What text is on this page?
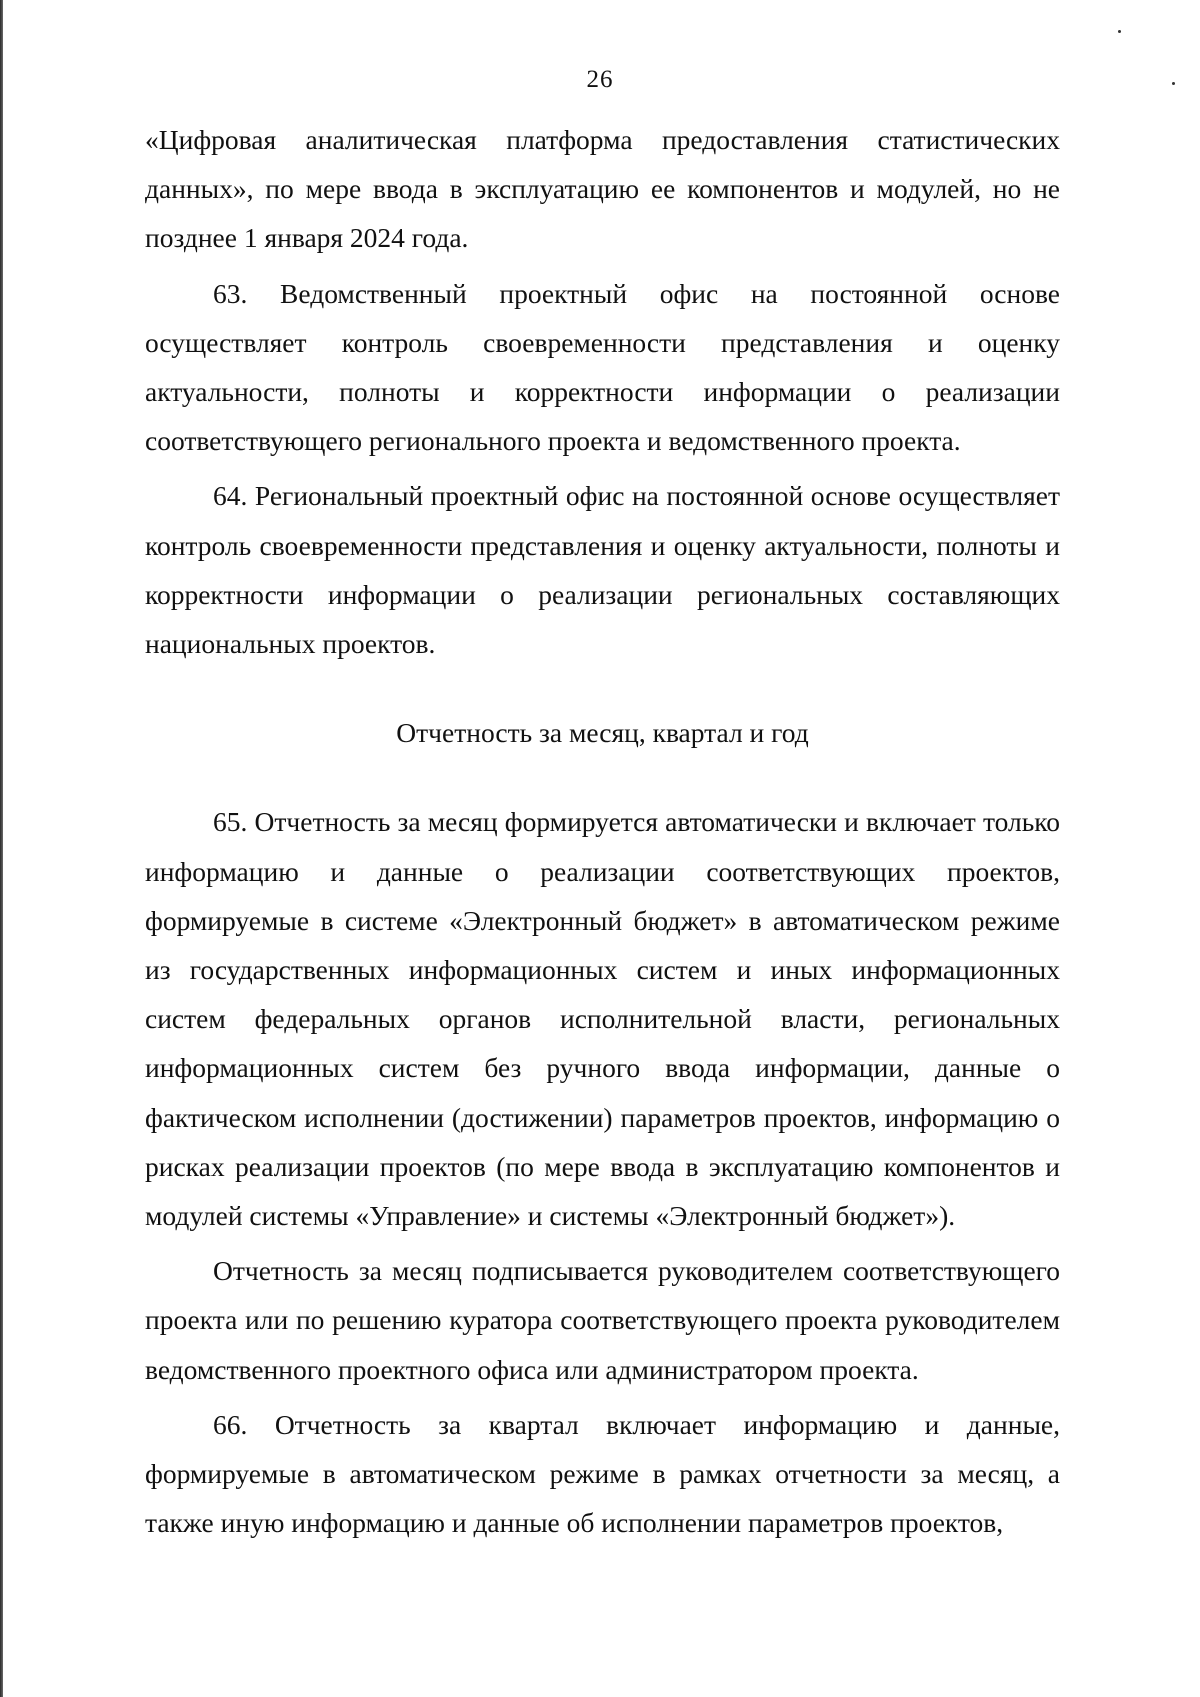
26

«Цифровая аналитическая платформа предоставления статистических данных», по мере ввода в эксплуатацию ее компонентов и модулей, но не позднее 1 января 2024 года.

63. Ведомственный проектный офис на постоянной основе осуществляет контроль своевременности представления и оценку актуальности, полноты и корректности информации о реализации соответствующего регионального проекта и ведомственного проекта.

64. Региональный проектный офис на постоянной основе осуществляет контроль своевременности представления и оценку актуальности, полноты и корректности информации о реализации региональных составляющих национальных проектов.

Отчетность за месяц, квартал и год

65. Отчетность за месяц формируется автоматически и включает только информацию и данные о реализации соответствующих проектов, формируемые в системе «Электронный бюджет» в автоматическом режиме из государственных информационных систем и иных информационных систем федеральных органов исполнительной власти, региональных информационных систем без ручного ввода информации, данные о фактическом исполнении (достижении) параметров проектов, информацию о рисках реализации проектов (по мере ввода в эксплуатацию компонентов и модулей системы «Управление» и системы «Электронный бюджет»).

Отчетность за месяц подписывается руководителем соответствующего проекта или по решению куратора соответствующего проекта руководителем ведомственного проектного офиса или администратором проекта.

66. Отчетность за квартал включает информацию и данные, формируемые в автоматическом режиме в рамках отчетности за месяц, а также иную информацию и данные об исполнении параметров проектов,
